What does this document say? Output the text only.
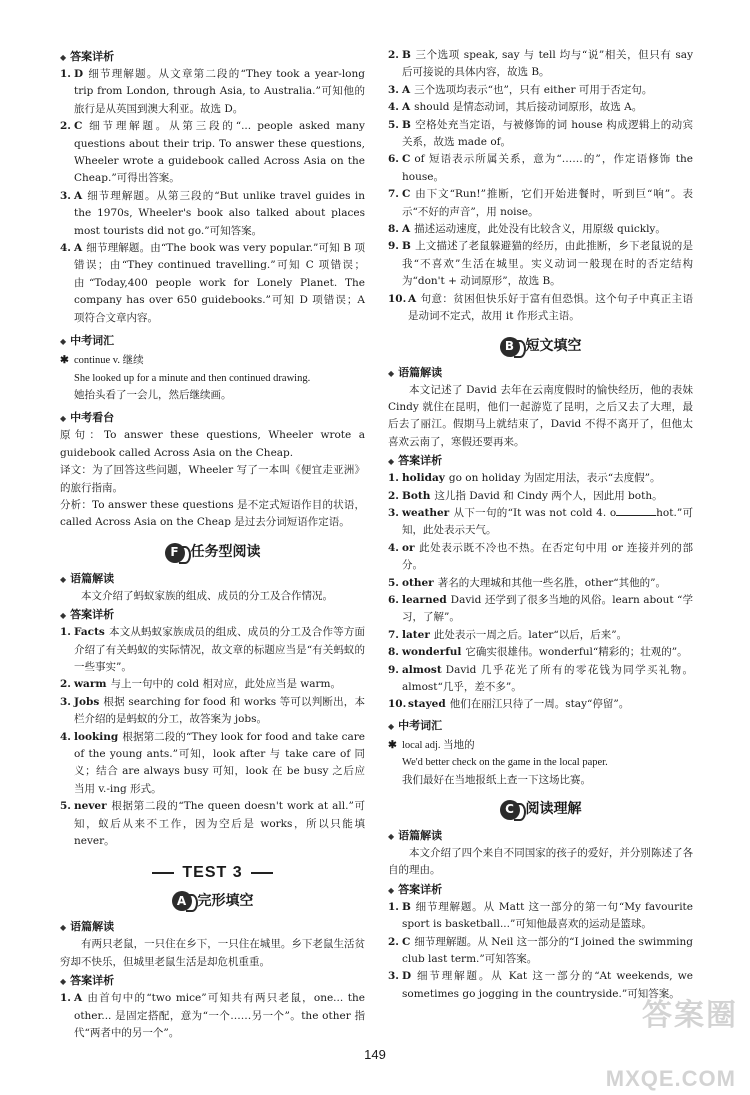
◆ 答案详析
1. D 细节理解题。从文章第二段的“They took a year-long trip from London, through Asia, to Australia.”可知他的旅行是从英国到澳大利亚。故选 D。
2. C 细节理解题。从第三段的“... people asked many questions about their trip. To answer these questions, Wheeler wrote a guidebook called Across Asia on the Cheap.”可得出答案。
3. A 细节理解题。从第三段的“But unlike travel guides in the 1970s, Wheeler's book also talked about places most tourists did not go.”可知答案。
4. A 细节理解题。由“The book was very popular.”可知 B 项错误；由“They continued travelling.”可知 C 项错误；由“Today,400 people work for Lonely Planet. The company has over 650 guidebooks.”可知 D 项错误；A 项符合文章内容。
◆ 中考词汇
✱ continue v. 继续
She looked up for a minute and then continued drawing.
她抬头看了一会儿，然后继续画。
◆ 中考看台
原句：To answer these questions, Wheeler wrote a guidebook called Across Asia on the Cheap.
译文：为了回答这些问题，Wheeler 写了一本叫《便宜走亚洲》的旅行指南。
分析：To answer these questions 是不定式短语作目的状语，called Across Asia on the Cheap 是过去分词短语作定语。
F 任务型阅读
◆ 语篇解读
本文介绍了蚂蚁家族的组成、成员的分工及合作情况。
◆ 答案详析
1. Facts 本文从蚂蚁家族成员的组成、成员的分工及合作等方面介绍了有关蚂蚁的实际情况，故文章的标题应当是“有关蚂蚁的一些事实”。
2. warm 与上一句中的 cold 相对应，此处应当是 warm。
3. Jobs 根据 searching for food 和 works 等可以判断出，本栏介绍的是蚂蚁的分工，故答案为 jobs。
4. looking 根据第二段的“They look for food and take care of the young ants.”可知，look after 与 take care of 同义；结合 are always busy 可知，look 在 be busy 之后应当用 v.-ing 形式。
5. never 根据第二段的“The queen doesn't work at all.”可知，蚁后从来不工作，因为空后是 works，所以只能填 never。
TEST 3
A 完形填空
◆ 语篇解读
有两只老鼠，一只住在乡下，一只住在城里。乡下老鼠生活贫穷却不快乐，但城里老鼠生活是却危机重重。
◆ 答案详析
1. A 由首句中的“two mice”可知共有两只老鼠，one... the other... 是固定搭配，意为“一个……另一个”。the other 指代“两者中的另一个”。
2. B 三个选项 speak, say 与 tell 均与“说”相关，但只有 say 后可接说的具体内容，故选 B。
3. A 三个选项均表示“也”，只有 either 可用于否定句。
4. A should 是情态动词，其后接动词原形，故选 A。
5. B 空格处充当定语，与被修饰的词 house 构成逻辑上的动宾关系，故选 made of。
6. C of 短语表示所属关系，意为“……的”，作定语修饰 the house。
7. C 由下文“Run!”推断，它们开始进餐时，听到巨“响”。表示“不好的声音”，用 noise。
8. A 描述运动速度，此处没有比较含义，用原级 quickly。
9. B 上文描述了老鼠躲避猫的经历，由此推断，乡下老鼠说的是我“不喜欢”生活在城里。实义动词一般现在时的否定结构为“don't + 动词原形”，故选 B。
10. A 句意：贫困但快乐好于富有但恐惧。这个句子中真正主语是动词不定式，故用 it 作形式主语。
B 短文填空
◆ 语篇解读
本文记述了 David 去年在云南度假时的愉快经历，他的表妹 Cindy 就住在昆明，他们一起游览了昆明，之后又去了大理，最后去了丽江。假期马上就结束了，David 不得不离开了，但他太喜欢云南了，寒假还要再来。
◆ 答案详析
1. holiday go on holiday 为固定用法，表示“去度假”。
2. Both 这儿指 David 和 Cindy 两个人，因此用 both。
3. weather 从下一句的“It was not cold 4. o	hot.”可知，此处表示天气。
4. or 此处表示既不冷也不热。在否定句中用 or 连接并列的部分。
5. other 著名的大理城和其他一些名胜，other“其他的”。
6. learned David 还学到了很多当地的风俗。learn about “学习，了解”。
7. later 此处表示一周之后。later“以后，后来”。
8. wonderful 它确实很雄伟。wonderful“精彩的；壮观的”。
9. almost David 几乎花光了所有的零花钱为同学买礼物。almost“几乎，差不多”。
10. stayed 他们在丽江只待了一周。stay“停留”。
◆ 中考词汇
✱ local adj. 当地的
We'd better check on the game in the local paper.
我们最好在当地报纸上查一下这场比赛。
C 阅读理解
◆ 语篇解读
本文介绍了四个来自不同国家的孩子的爱好，并分别陈述了各自的理由。
◆ 答案详析
1. B 细节理解题。从 Matt 这一部分的第一句“My favourite sport is basketball...”可知他最喜欢的运动是篮球。
2. C 细节理解题。从 Neil 这一部分的“I joined the swimming club last term.”可知答案。
3. D 细节理解题。从 Kat 这一部分的“At weekends, we sometimes go jogging in the countryside.”可知答案。
149
答案圈
MXQE.COM
